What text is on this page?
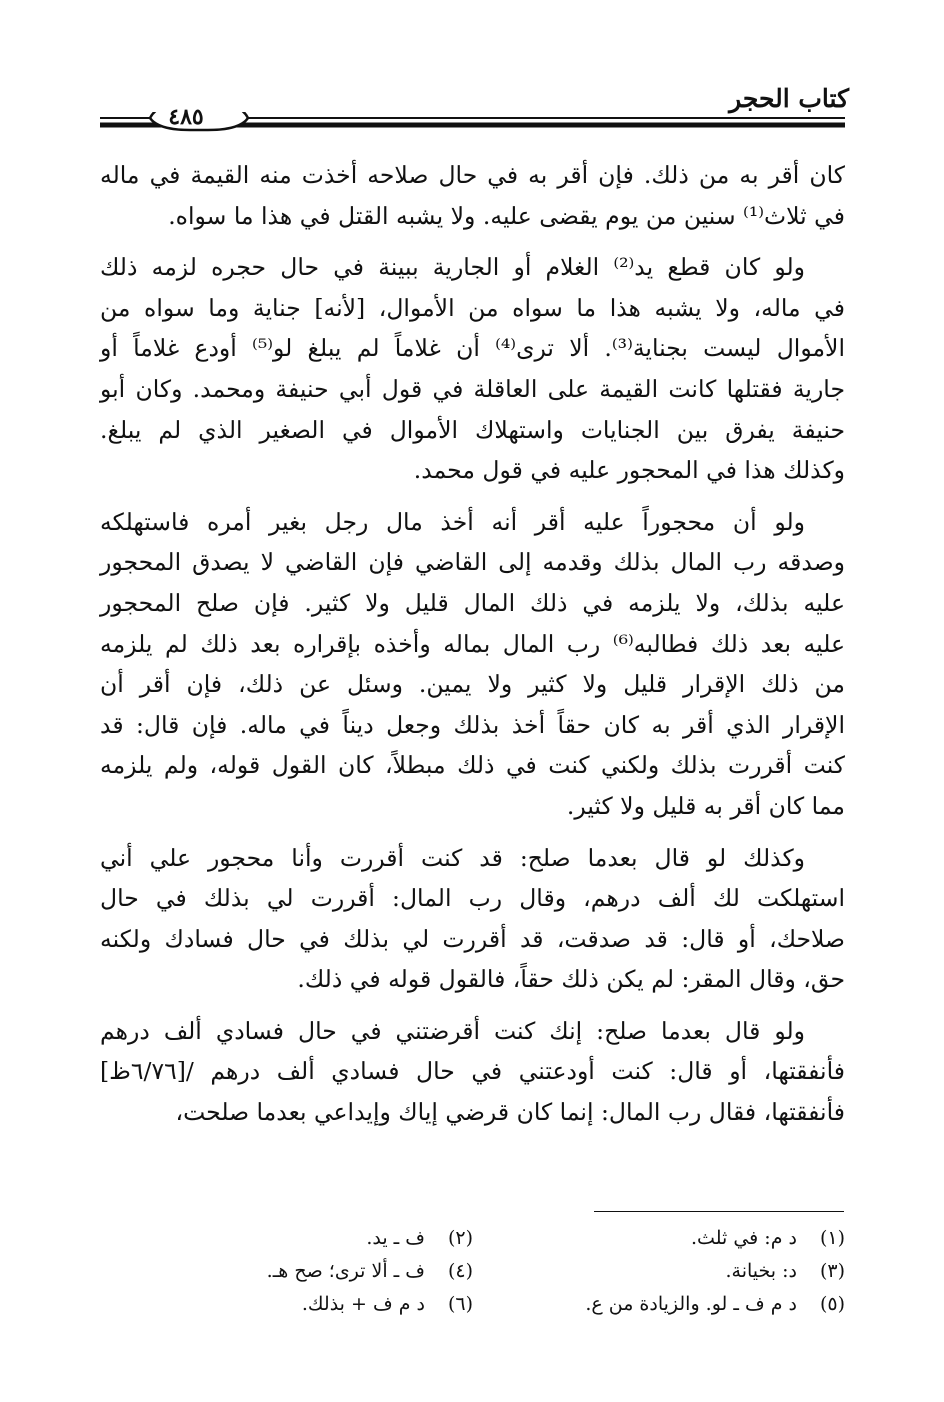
كتاب الحجر
٤٨٥
كان أقر به من ذلك. فإن أقر به في حال صلاحه أخذت منه القيمة في ماله
في ثلاث⁽¹⁾ سنين من يوم يقضى عليه. ولا يشبه القتل في هذا ما سواه.
ولو كان قطع يد⁽²⁾ الغلام أو الجارية ببينة في حال حجره لزمه ذلك
في ماله، ولا يشبه هذا ما سواه من الأموال، [لأنه] جناية وما سواه من
الأموال ليست بجناية⁽³⁾. ألا ترى⁽⁴⁾ أن غلاماً لم يبلغ لو⁽⁵⁾ أودع غلاماً أو
جارية فقتلها كانت القيمة على العاقلة في قول أبي حنيفة ومحمد. وكان أبو
حنيفة يفرق بين الجنايات واستهلاك الأموال في الصغير الذي لم يبلغ.
وكذلك هذا في المحجور عليه في قول محمد.
ولو أن محجوراً عليه أقر أنه أخذ مال رجل بغير أمره فاستهلكه
وصدقه رب المال بذلك وقدمه إلى القاضي فإن القاضي لا يصدق المحجور
عليه بذلك، ولا يلزمه في ذلك المال قليل ولا كثير. فإن صلح المحجور
عليه بعد ذلك فطالبه⁽⁶⁾ رب المال بماله وأخذه بإقراره بعد ذلك لم يلزمه
من ذلك الإقرار قليل ولا كثير ولا يمين. وسئل عن ذلك، فإن أقر أن
الإقرار الذي أقر به كان حقاً أخذ بذلك وجعل ديناً في ماله. فإن قال: قد
كنت أقررت بذلك ولكني كنت في ذلك مبطلاً، كان القول قوله، ولم يلزمه
مما كان أقر به قليل ولا كثير.
وكذلك لو قال بعدما صلح: قد كنت أقررت وأنا محجور علي أني
استهلكت لك ألف درهم، وقال رب المال: أقررت لي بذلك في حال
صلاحك، أو قال: قد صدقت، قد أقررت لي بذلك في حال فسادك ولكنه
حق، وقال المقر: لم يكن ذلك حقاً، فالقول قوله في ذلك.
ولو قال بعدما صلح: إنك كنت أقرضتني في حال فسادي ألف درهم
فأنفقتها، أو قال: كنت أودعتني في حال فسادي ألف درهم /[٦/٧٦ظ]
فأنفقتها، فقال رب المال: إنما كان قرضي إياك وإيداعي بعدما صلحت،
(١) د م: في ثلث.
(٢) ف ـ يد.
(٣) د: بخيانة.
(٤) ف ـ ألا ترى؛ صح هـ.
(٥) د م ف ـ لو. والزيادة من ع.
(٦) د م ف + بذلك.
